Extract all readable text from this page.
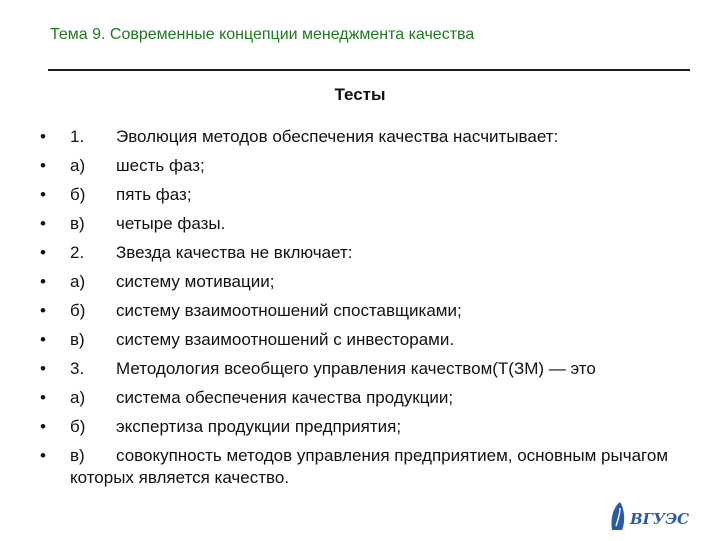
Тема 9. Современные концепции менеджмента качества
Тесты
•	1. Эволюция методов обеспечения качества насчитывает:
•	а) шесть фаз;
•	б) пять фаз;
•	в) четыре фазы.
•	2. Звезда качества не включает:
•	а) систему мотивации;
•	б) систему взаимоотношений споставщиками;
•	в) систему взаимоотношений с инвесторами.
•	3. Методология всеобщего управления качеством(Т(ЗМ) — это
•	а) система обеспечения качества продукции;
•	б) экспертиза продукции предприятия;
•	в) совокупность методов управления предприятием, основным рычагом которых является качество.
ВГУЭС
